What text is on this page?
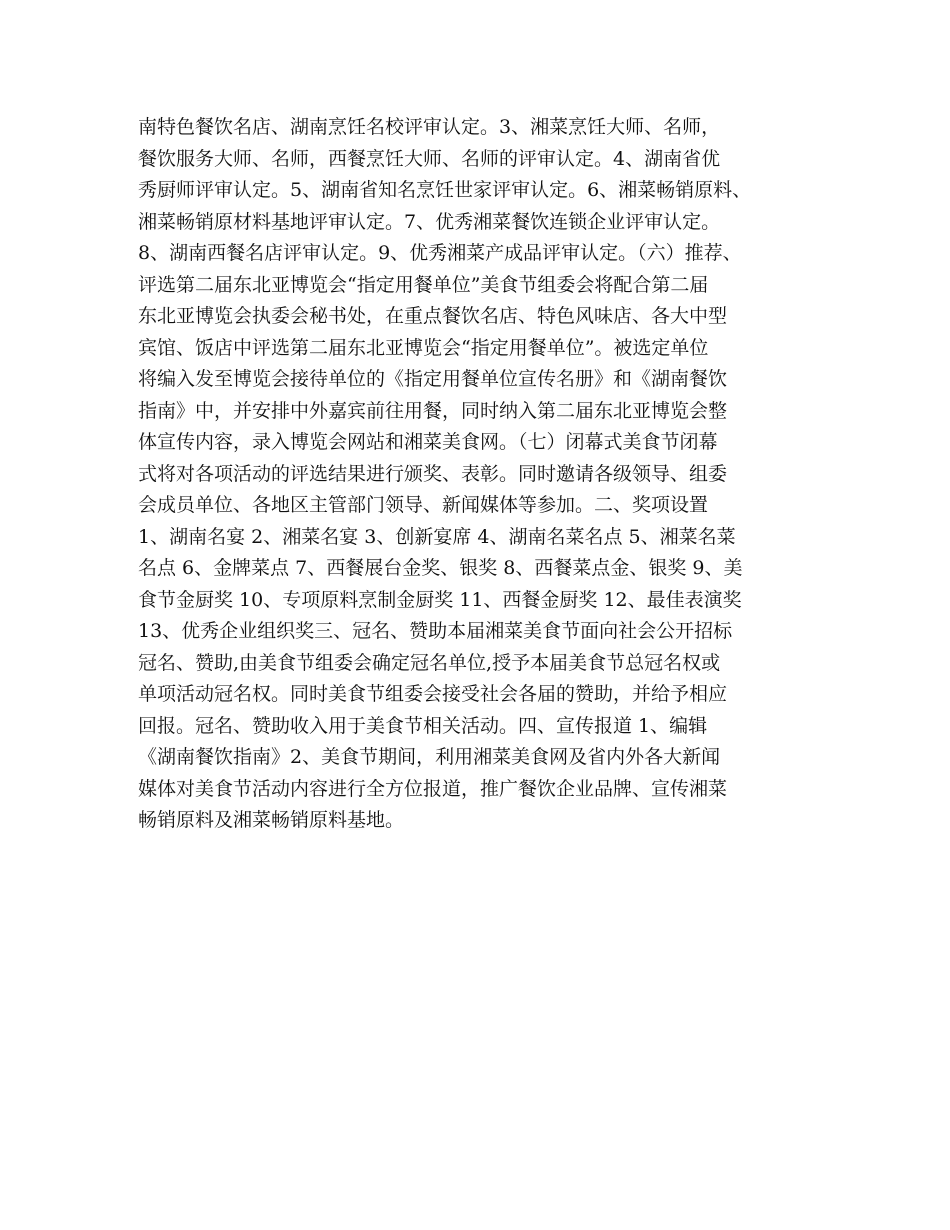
南特色餐饮名店、湖南烹饪名校评审认定。3、湘菜烹饪大师、名师，
餐饮服务大师、名师，西餐烹饪大师、名师的评审认定。4、湖南省优
秀厨师评审认定。5、湖南省知名烹饪世家评审认定。6、湘菜畅销原料、
湘菜畅销原材料基地评审认定。7、优秀湘菜餐饮连锁企业评审认定。
8、湖南西餐名店评审认定。9、优秀湘菜产成品评审认定。（六）推荐、
评选第二届东北亚博览会“指定用餐单位”美食节组委会将配合第二届
东北亚博览会执委会秘书处，在重点餐饮名店、特色风味店、各大中型
宾馆、饭店中评选第二届东北亚博览会“指定用餐单位”。被选定单位
将编入发至博览会接待单位的《指定用餐单位宣传名册》和《湖南餐饮
指南》中，并安排中外嘉宾前往用餐，同时纳入第二届东北亚博览会整
体宣传内容，录入博览会网站和湘菜美食网。（七）闭幕式美食节闭幕
式将对各项活动的评选结果进行颁奖、表彰。同时邀请各级领导、组委
会成员单位、各地区主管部门领导、新闻媒体等参加。二、奖项设置
1、湖南名宴 2、湘菜名宴 3、创新宴席 4、湖南名菜名点 5、湘菜名菜
名点 6、金牌菜点 7、西餐展台金奖、银奖 8、西餐菜点金、银奖 9、美
食节金厨奖 10、专项原料烹制金厨奖 11、西餐金厨奖 12、最佳表演奖
13、优秀企业组织奖三、冠名、赞助本届湘菜美食节面向社会公开招标
冠名、赞助,由美食节组委会确定冠名单位,授予本届美食节总冠名权或
单项活动冠名权。同时美食节组委会接受社会各届的赞助，并给予相应
回报。冠名、赞助收入用于美食节相关活动。四、宣传报道 1、编辑
《湖南餐饮指南》2、美食节期间，利用湘菜美食网及省内外各大新闻
媒体对美食节活动内容进行全方位报道，推广餐饮企业品牌、宣传湘菜
畅销原料及湘菜畅销原料基地。
